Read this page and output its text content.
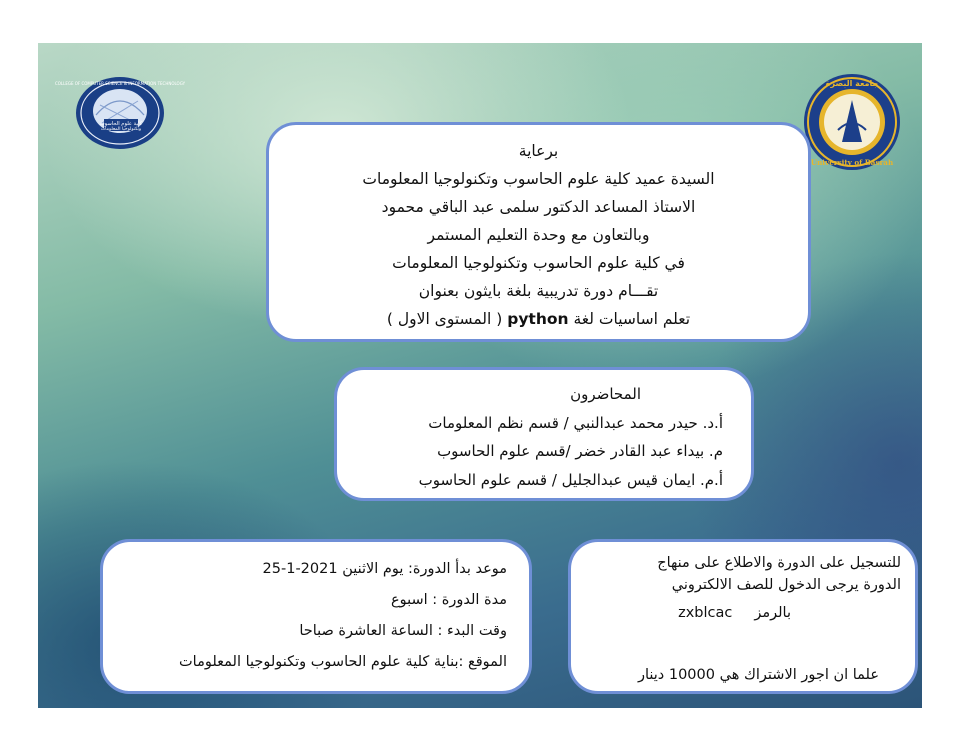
كلية علوم الحاسوب
وتكنولوجيا المعلومات
COLLEGE OF COMPUTER SCIENCE & INFORMATION TECHNOLOGY	جامعة البصرة
University of Basrah
برعاية
السيدة عميد كلية علوم الحاسوب وتكنولوجيا المعلومات
الاستاذ المساعد الدكتور سلمى عبد الباقي محمود
وبالتعاون مع وحدة التعليم المستمر
في كلية علوم الحاسوب وتكنولوجيا المعلومات
تقـــام دورة تدريبية بلغة بايثون بعنوان
تعلم اساسيات لغة python ( المستوى الاول )
المحاضرون
أ.د. حيدر محمد عبدالنبي / قسم نظم المعلومات
م. بيداء عبد القادر خضر /قسم علوم الحاسوب
أ.م. ايمان قيس عبدالجليل / قسم علوم الحاسوب
موعد بدأ الدورة: يوم الاثنين 25-1-2021
مدة الدورة : اسبوع
وقت البدء : الساعة العاشرة صباحا
الموقع :بناية كلية علوم الحاسوب وتكنولوجيا المعلومات
للتسجيل على الدورة والاطلاع على منهاج
الدورة يرجى الدخول للصف الالكتروني
بالرمزzxblcac
علما ان اجور الاشتراك هي 10000 دينار
